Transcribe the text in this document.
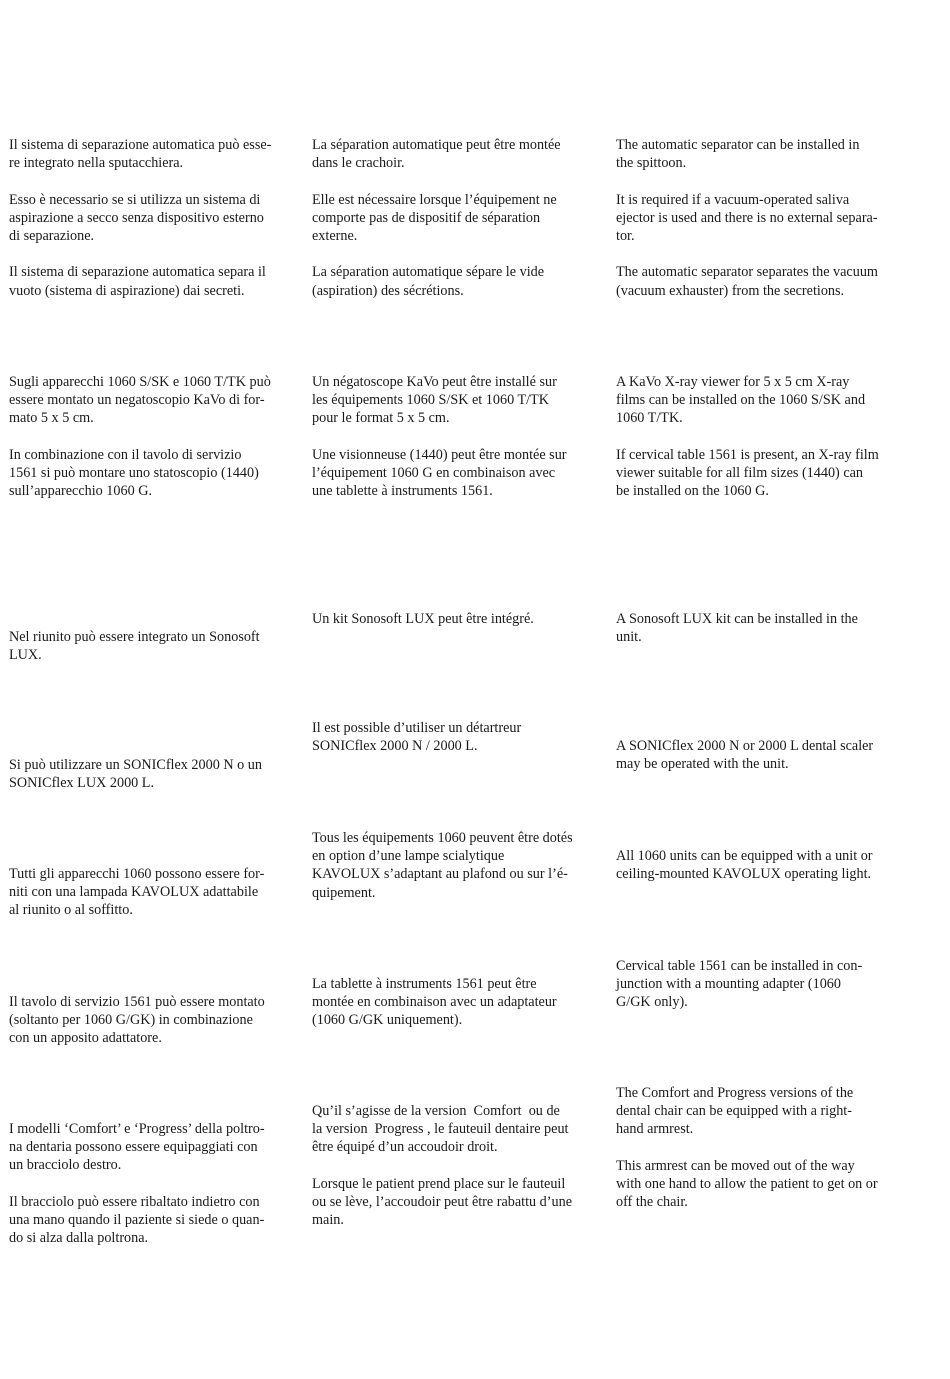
Il sistema di separazione automatica può esse-
re integrato nella sputacchiera.
Esso è necessario se si utilizza un sistema di
aspirazione a secco senza dispositivo esterno
di separazione.
Il sistema di separazione automatica separa il
vuoto (sistema di aspirazione) dai secreti.
La séparation automatique peut être montée
dans le crachoir.
Elle est nécessaire lorsque l’équipement ne
comporte pas de dispositif de séparation
externe.
La séparation automatique sépare le vide
(aspiration) des sécrétions.
The automatic separator can be installed in
the spittoon.
It is required if a vacuum-operated saliva
ejector is used and there is no external separa-
tor.
The automatic separator separates the vacuum
(vacuum exhauster) from the secretions.
Sugli apparecchi 1060 S/SK e 1060 T/TK può
essere montato un negatoscopio KaVo di for-
mato 5 x 5 cm.
In combinazione con il tavolo di servizio
1561 si può montare uno statoscopio (1440)
sull’apparecchio 1060 G.
Un négatoscope KaVo peut être installé sur
les équipements 1060 S/SK et 1060 T/TK
pour le format 5 x 5 cm.
Une visionneuse (1440) peut être montée sur
l’équipement 1060 G en combinaison avec
une tablette à instruments 1561.
A KaVo X-ray viewer for 5 x 5 cm X-ray
films can be installed on the 1060 S/SK and
1060 T/TK.
If cervical table 1561 is present, an X-ray film
viewer suitable for all film sizes (1440) can
be installed on the 1060 G.
Nel riunito può essere integrato un Sonosoft
LUX.
Un kit Sonosoft LUX peut être intégré.	A Sonosoft LUX kit can be installed in the
unit.
Si può utilizzare un SONICflex 2000 N o un
SONICflex LUX 2000 L.
Il est possible d’utiliser un détartreur
SONICflex 2000 N / 2000 L.	A SONICflex 2000 N or 2000 L dental scaler
may be operated with the unit.
Tutti gli apparecchi 1060 possono essere for-
niti con una lampada KAVOLUX adattabile
al riunito o al soffitto.
Tous les équipements 1060 peuvent être dotés
en option d’une lampe scialytique
KAVOLUX s’adaptant au plafond ou sur l’é-
quipement.
All 1060 units can be equipped with a unit or
ceiling-mounted KAVOLUX operating light.
Il tavolo di servizio 1561 può essere montato
(soltanto per 1060 G/GK) in combinazione
con un apposito adattatore.
La tablette à instruments 1561 peut être
montée en combinaison avec un adaptateur
(1060 G/GK uniquement).
Cervical table 1561 can be installed in con-
junction with a mounting adapter (1060
G/GK only).
I modelli ‘Comfort’ e ‘Progress’ della poltro-
na dentaria possono essere equipaggiati con
un bracciolo destro.
Il bracciolo può essere ribaltato indietro con
una mano quando il paziente si siede o quan-
do si alza dalla poltrona.
Qu’il s’agisse de la version  Comfort  ou de
la version  Progress , le fauteuil dentaire peut
être équipé d’un accoudoir droit.
Lorsque le patient prend place sur le fauteuil
ou se lève, l’accoudoir peut être rabattu d’une
main.
The Comfort and Progress versions of the
dental chair can be equipped with a right-
hand armrest.
This armrest can be moved out of the way
with one hand to allow the patient to get on or
off the chair.
